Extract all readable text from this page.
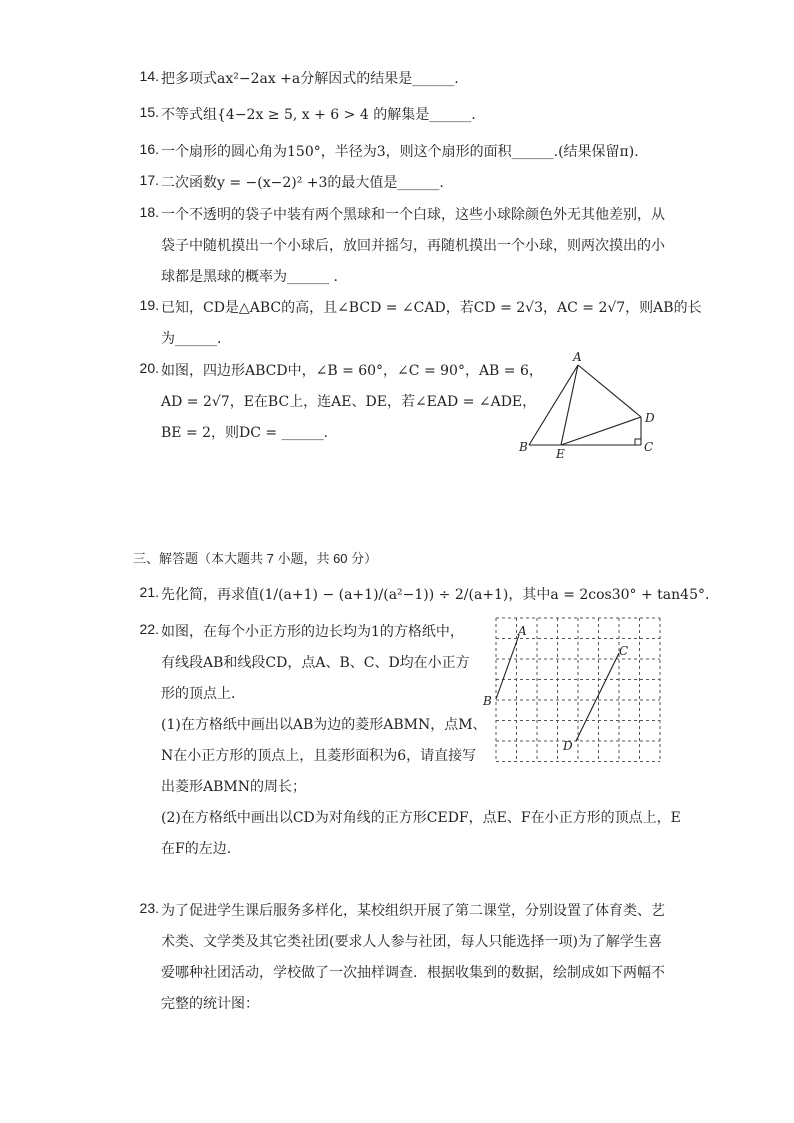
14. 把多项式ax²−2ax +a分解因式的结果是______.
15. 不等式组{4−2x ≥ 5, x + 6 > 4 的解集是______.
16. 一个扇形的圆心角为150°，半径为3，则这个扇形的面积______.(结果保留π).
17. 二次函数y = −(x−2)² +3的最大值是______.
18. 一个不透明的袋子中装有两个黑球和一个白球，这些小球除颜色外无其他差别，从
袋子中随机摸出一个小球后，放回并摇匀，再随机摸出一个小球，则两次摸出的小
球都是黑球的概率为______ .
19. 已知，CD是△ABC的高，且∠BCD = ∠CAD，若CD = 2√3，AC = 2√7，则AB的长
为______.
20. 如图，四边形ABCD中，∠B = 60°，∠C = 90°，AB = 6，
AD = 2√7，E在BC上，连AE、DE，若∠EAD = ∠ADE，
BE = 2，则DC = ______.
A
B	C
D
E
三、解答题（本大题共 7 小题，共 60 分）
21. 先化简，再求值(1/(a+1) − (a+1)/(a²−1)) ÷ 2/(a+1)，其中a = 2cos30° + tan45°.
22. 如图，在每个小正方形的边长均为1的方格纸中，
有线段AB和线段CD，点A、B、C、D均在小正方
形的顶点上．
(1)在方格纸中画出以AB为边的菱形ABMN，点M、
N在小正方形的顶点上，且菱形面积为6，请直接写
出菱形ABMN的周长；
(2)在方格纸中画出以CD为对角线的正方形CEDF，点E、F在小正方形的顶点上，E
在F的左边.
A
B
C
D
23. 为了促进学生课后服务多样化，某校组织开展了第二课堂，分别设置了体育类、艺
术类、文学类及其它类社团(要求人人参与社团，每人只能选择一项)为了解学生喜
爱哪种社团活动，学校做了一次抽样调查．根据收集到的数据，绘制成如下两幅不
完整的统计图：
